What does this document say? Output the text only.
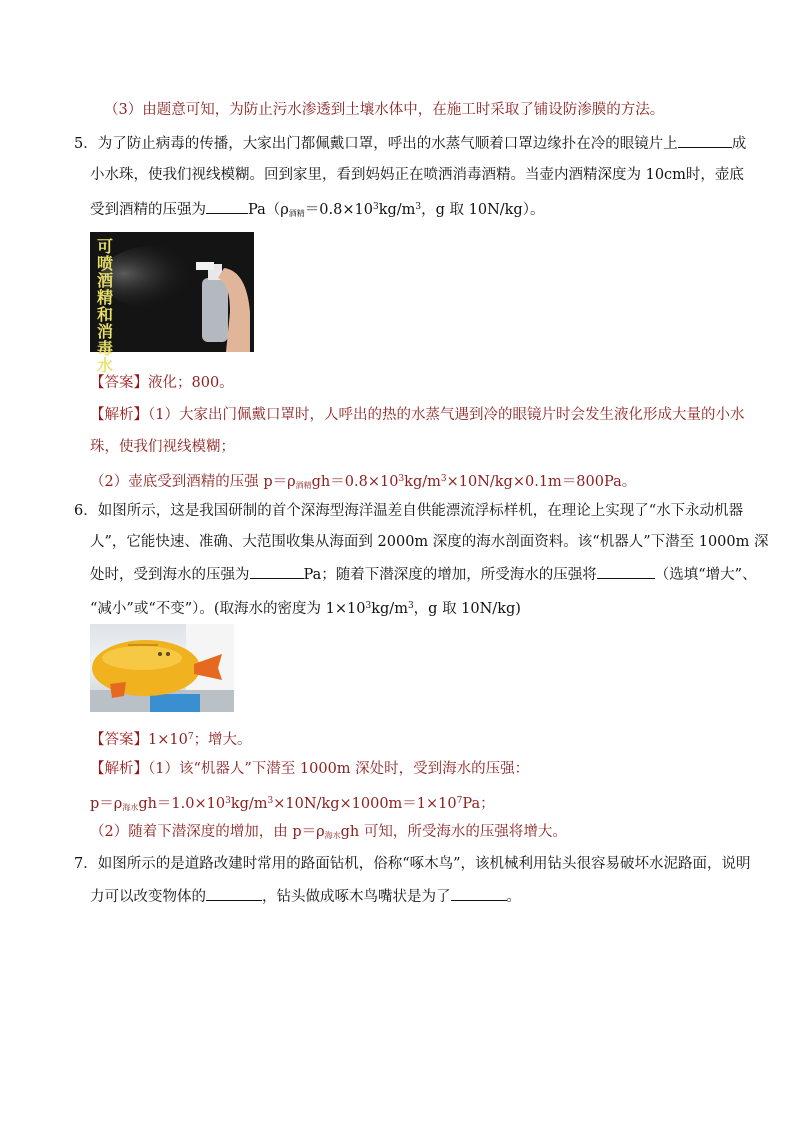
（3）由题意可知，为防止污水渗透到土壤水体中，在施工时采取了铺设防渗膜的方法。
5．为了防止病毒的传播，大家出门都佩戴口罩，呼出的水蒸气顺着口罩边缘扑在冷的眼镜片上	成
小水珠，使我们视线模糊。回到家里，看到妈妈正在喷洒消毒酒精。当壶内酒精深度为 10cm时，壶底
受到酒精的压强为	$Pa(\rho_{酒精}=0.8\times 10^3kg/m^3$，g 取 10N/kg）。
可喷酒精和消毒水
【答案】液化；800。
【解析】（1）大家出门佩戴口罩时，人呼出的热的水蒸气遇到冷的眼镜片时会发生液化形成大量的小水
珠，使我们视线模糊；
（2）壶底受到酒精的压强 $p=\rho_{酒精}gh=0.8\times 10^3kg/m^3\times 10N/kg\times 0.1m=800Pa$。
6．如图所示，这是我国研制的首个深海型海洋温差自供能漂流浮标样机，在理论上实现了“水下永动机器
人”，它能快速、准确、大范围收集从海面到 2000m 深度的海水剖面资料。该“机器人”下潜至 1000m 深
处时，受到海水的压强为	Pa；随着下潜深度的增加，所受海水的压强将	（选填“增大”、
“减小”或“不变”）。(取海水的密度为 $1\times 10^3kg/m^3$，g 取 10N/kg)
【答案】$1\times 10^7$；增大。
【解析】（1）该“机器人”下潜至 1000m 深处时，受到海水的压强：
$p=\rho_{海水}gh=1.0\times 10^3kg/m^3\times 10N/kg\times 1000m=1\times 10^7Pa$；
（2）随着下潜深度的增加，由 $p=\rho_{海水}gh$ 可知，所受海水的压强将增大。
7．如图所示的是道路改建时常用的路面钻机，俗称“啄木鸟”，该机械利用钻头很容易破坏水泥路面，说明
力可以改变物体的	，钻头做成啄木鸟嘴状是为了	。
